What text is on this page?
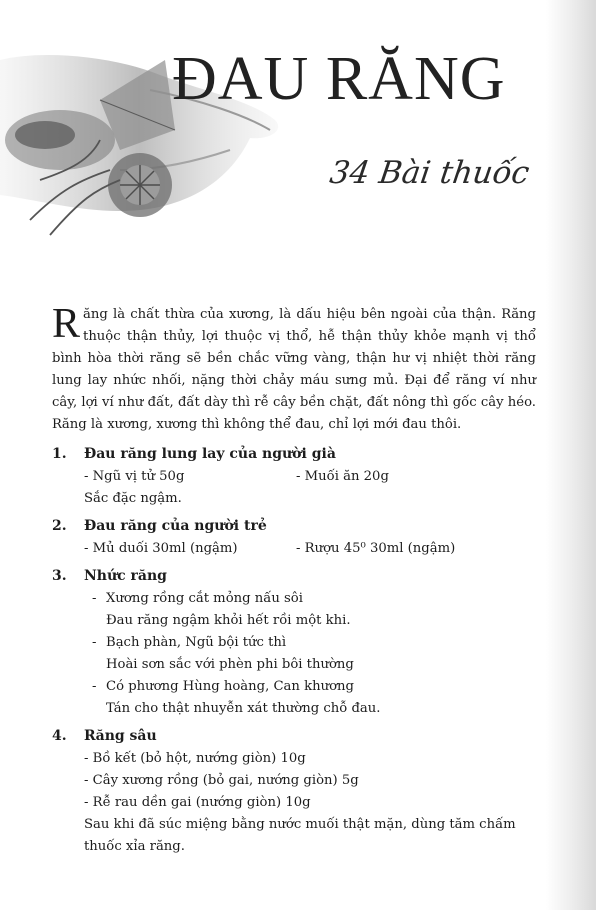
ĐAU RĂNG
34 Bài thuốc

Răng là chất thừa của xương, là dấu hiệu bên ngoài của thận. Răng thuộc thận thủy, lợi thuộc vị thổ, hễ thận thủy khỏe mạnh vị thổ bình hòa thời răng sẽ bền chắc vững vàng, thận hư vị nhiệt thời răng lung lay nhức nhối, nặng thời chảy máu sưng mủ. Đại để răng ví như cây, lợi ví như đất, đất dày thì rễ cây bền chặt, đất nông thì gốc cây héo. Răng là xương, xương thì không thể đau, chỉ lợi mới đau thôi.

1.	Đau răng lung lay của người già
- Ngũ vị tử 50g	- Muối ăn 20g
Sắc đặc ngậm.
2.	Đau răng của người trẻ
- Mủ duối 30ml (ngậm)	- Rượu 45⁰ 30ml (ngậm)
3.	Nhức răng
- Xương rồng cắt mỏng nấu sôi
Đau răng ngậm khỏi hết rồi một khi.
- Bạch phàn, Ngũ bội tức thì
Hoài sơn sắc với phèn phi bôi thường
- Có phương Hùng hoàng, Can khương
Tán cho thật nhuyễn xát thường chỗ đau.
4.	Răng sâu
- Bồ kết (bỏ hột, nướng giòn) 10g
- Cây xương rồng (bỏ gai, nướng giòn) 5g
- Rễ rau dền gai (nướng giòn) 10g
Sau khi đã súc miệng bằng nước muối thật mặn, dùng tăm chấm thuốc xỉa răng.
